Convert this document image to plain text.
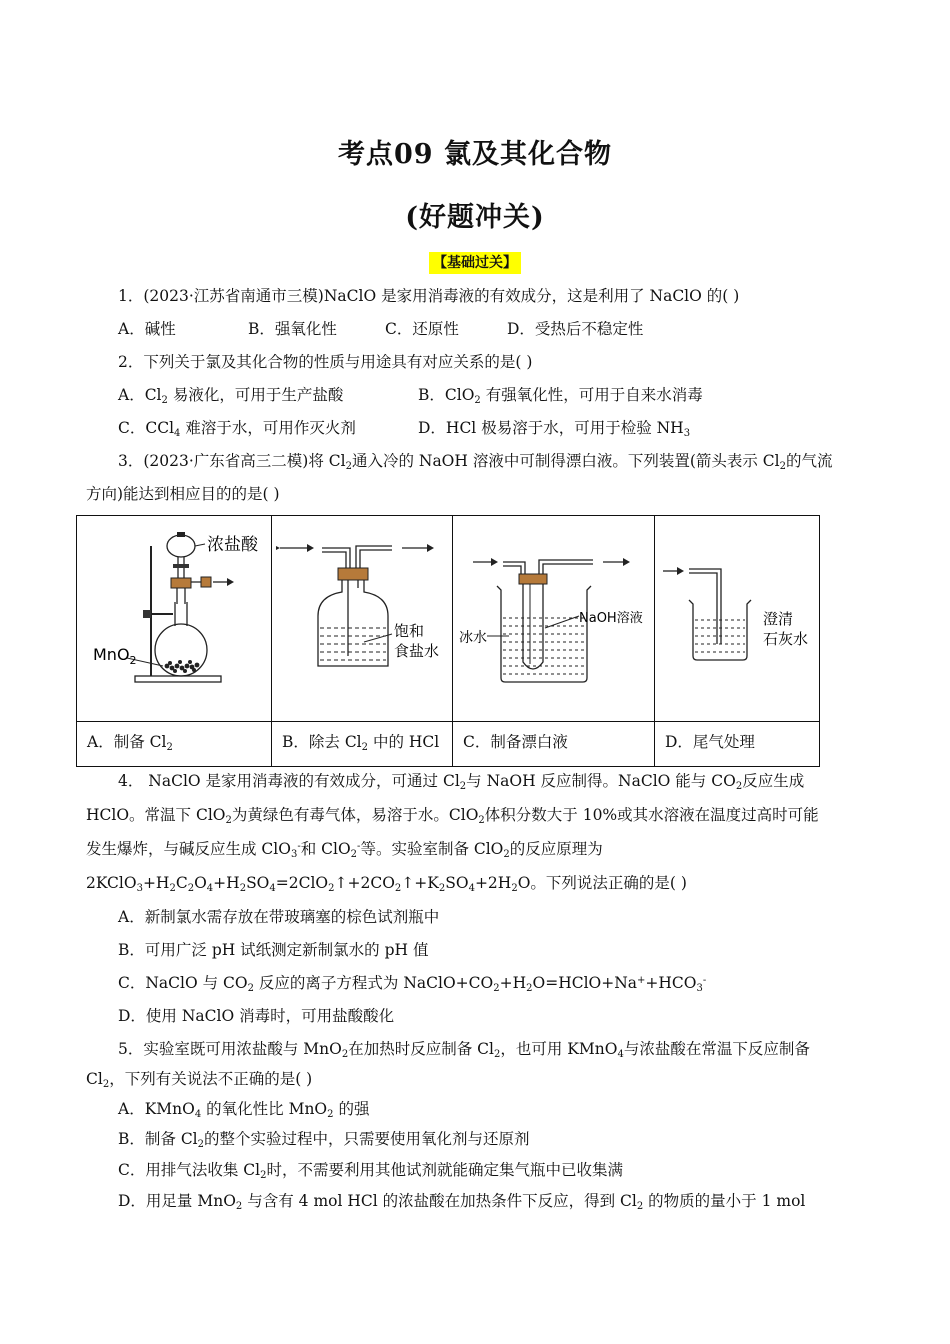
考点09 氯及其化合物
(好题冲关)
【基础过关】
1．(2023·江苏省南通市三模)NaClO 是家用消毒液的有效成分，这是利用了 NaClO 的( )
A．碱性	B．强氧化性	C．还原性	D．受热后不稳定性
2．下列关于氯及其化合物的性质与用途具有对应关系的是( )
A．$Cl_2$ 易液化，可用于生产盐酸	B．ClO$_2$ 有强氧化性，可用于自来水消毒
C．CCl$_4$ 难溶于水，可用作灭火剂	D．HCl 极易溶于水，可用于检验 $NH_3$
3．(2023·广东省高三二模)将 $Cl_2$通入冷的 NaOH 溶液中可制得漂白液。下列装置(箭头表示 $Cl_2$的气流
方向)能达到相应目的的是( )
浓盐酸
MnO$_2$
饱和
食盐水
NaOH溶液
冰水
澄清
石灰水
A．制备 $Cl_2$	B．除去 $Cl_2$ 中的 HCl C．制备漂白液	D．尾气处理
4． NaClO 是家用消毒液的有效成分，可通过 $Cl_2$与 NaOH 反应制得。NaClO 能与 $CO_2$反应生成
HClO。常温下 ClO$_2$为黄绿色有毒气体，易溶于水。ClO$_2$体积分数大于 10%或其水溶液在温度过高时可能
发生爆炸，与碱反应生成 ClO$_3$-和 ClO$_2$-等。实验室制备 ClO$_2$的反应原理为
$2KClO_3+H_2C_2O_4+H_2SO_4=2ClO_2↑+2CO_2↑+K_2SO_4+2H_2O$。下列说法正确的是( )
A．新制氯水需存放在带玻璃塞的棕色试剂瓶中
B．可用广泛 pH 试纸测定新制氯水的 pH 值
C．NaClO 与 $CO_2$ 反应的离子方程式为 $NaClO+CO_2+H_2O=HClO+Na^++HCO_3^-$
D．使用 NaClO 消毒时，可用盐酸酸化
5．实验室既可用浓盐酸与 MnO$_2$在加热时反应制备 $Cl_2$，也可用 KMnO$_4$与浓盐酸在常温下反应制备
$Cl_2$，下列有关说法不正确的是( )
A．KMnO$_4$ 的氧化性比 MnO$_2$ 的强
B．制备 $Cl_2$的整个实验过程中，只需要使用氧化剂与还原剂
C．用排气法收集 $Cl_2$时，不需要利用其他试剂就能确定集气瓶中已收集满
D．用足量 MnO$_2$ 与含有 4 mol HCl 的浓盐酸在加热条件下反应，得到 $Cl_2$ 的物质的量小于 1 mol
